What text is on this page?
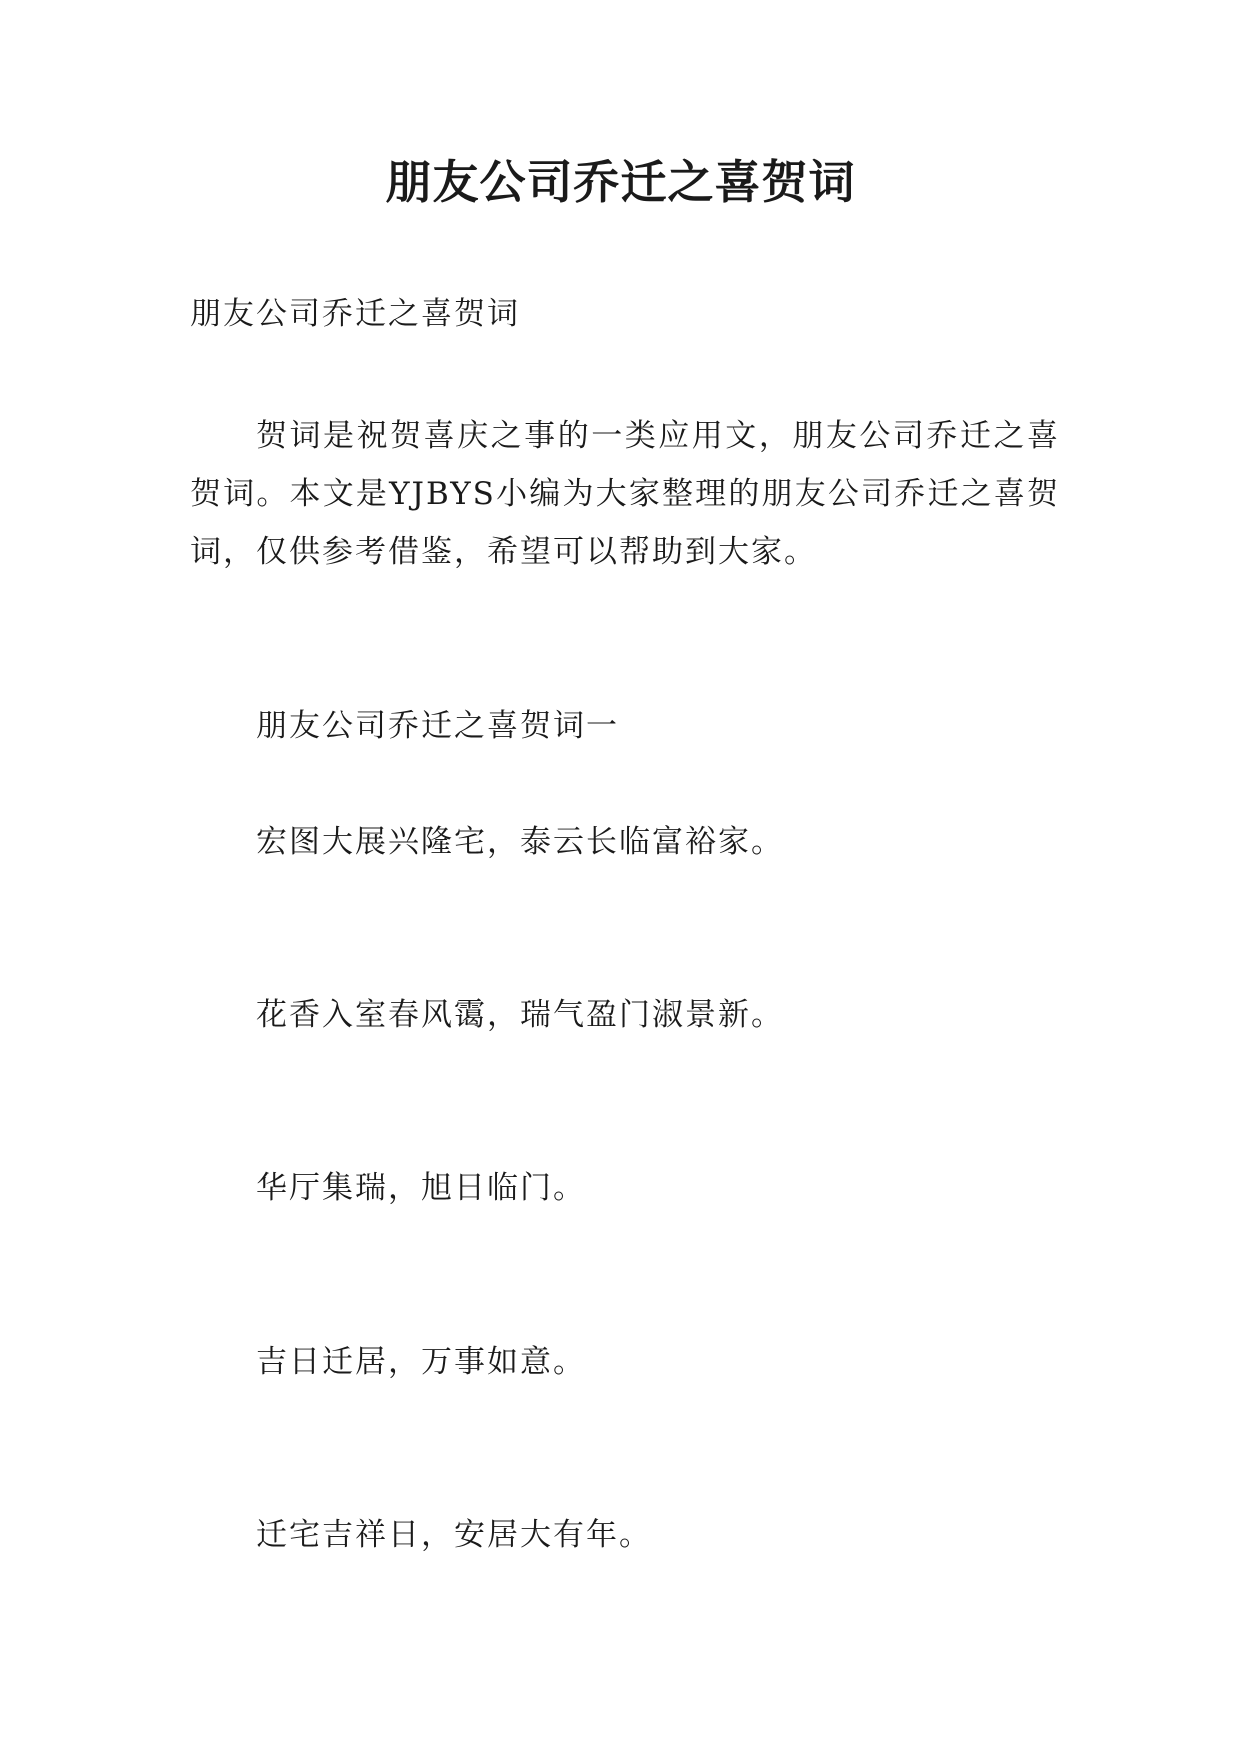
朋友公司乔迁之喜贺词

朋友公司乔迁之喜贺词

贺词是祝贺喜庆之事的一类应用文，朋友公司乔迁之喜贺词。本文是YJBYS小编为大家整理的朋友公司乔迁之喜贺词，仅供参考借鉴，希望可以帮助到大家。

朋友公司乔迁之喜贺词一

宏图大展兴隆宅，泰云长临富裕家。

花香入室春风霭，瑞气盈门淑景新。

华厅集瑞，旭日临门。

吉日迁居，万事如意。

迁宅吉祥日，安居大有年。
